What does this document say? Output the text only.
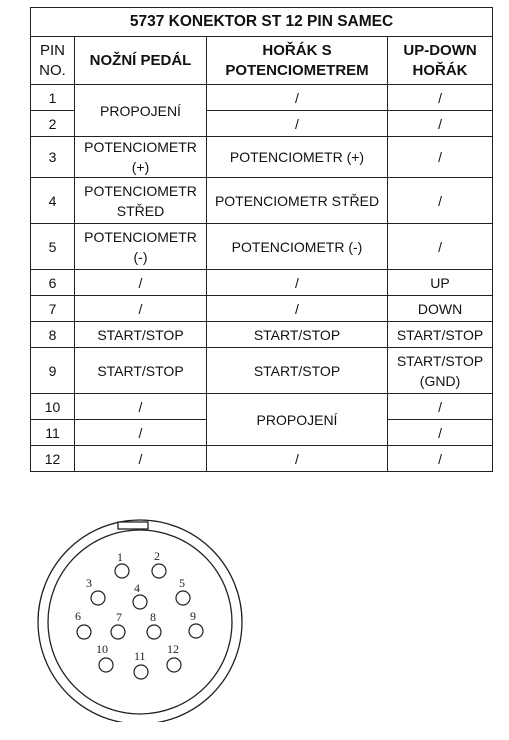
5737 KONEKTOR ST 12 PIN SAMEC			
PIN NO.	NOŽNÍ PEDÁL	HOŘÁK S POTENCIOMETREM	UP-DOWN HOŘÁK
1	PROPOJENÍ	/	/
2		/	/
3	POTENCIOMETR (+)	POTENCIOMETR (+)	/
4	POTENCIOMETR STŘED	POTENCIOMETR STŘED	/
5	POTENCIOMETR (-)	POTENCIOMETR (-)	/
6	/	/	UP
7	/	/	DOWN
8	START/STOP	START/STOP	START/STOP
9	START/STOP	START/STOP	START/STOP (GND)
10	/	PROPOJENÍ	/
11	/		/
12	/	/	/
1	2
3	4	5
6	7 8	9
10 11 12
